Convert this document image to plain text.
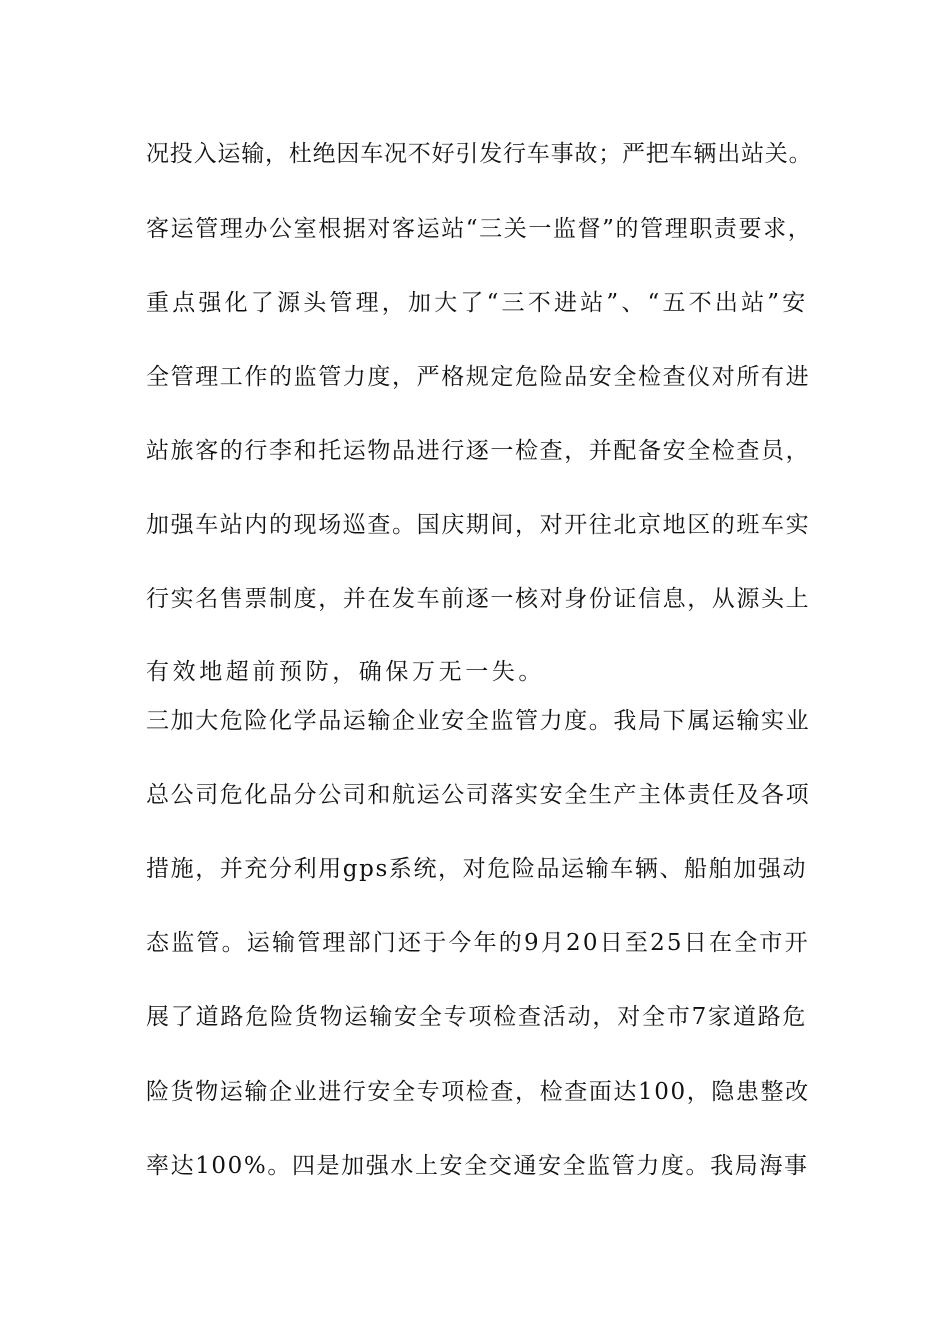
况投入运输，杜绝因车况不好引发行车事故；严把车辆出站关。
客运管理办公室根据对客运站“三关一监督”的管理职责要求，
重点强化了源头管理，加大了“三不进站”、“五不出站”安
全管理工作的监管力度，严格规定危险品安全检查仪对所有进
站旅客的行李和托运物品进行逐一检查，并配备安全检查员，
加强车站内的现场巡查。国庆期间，对开往北京地区的班车实
行实名售票制度，并在发车前逐一核对身份证信息，从源头上
有效地超前预防，确保万无一失。
三加大危险化学品运输企业安全监管力度。我局下属运输实业
总公司危化品分公司和航运公司落实安全生产主体责任及各项
措施，并充分利用gps系统，对危险品运输车辆、船舶加强动
态监管。运输管理部门还于今年的9月20日至25日在全市开
展了道路危险货物运输安全专项检查活动，对全市7家道路危
险货物运输企业进行安全专项检查，检查面达100，隐患整改
率达100%。四是加强水上安全交通安全监管力度。我局海事
